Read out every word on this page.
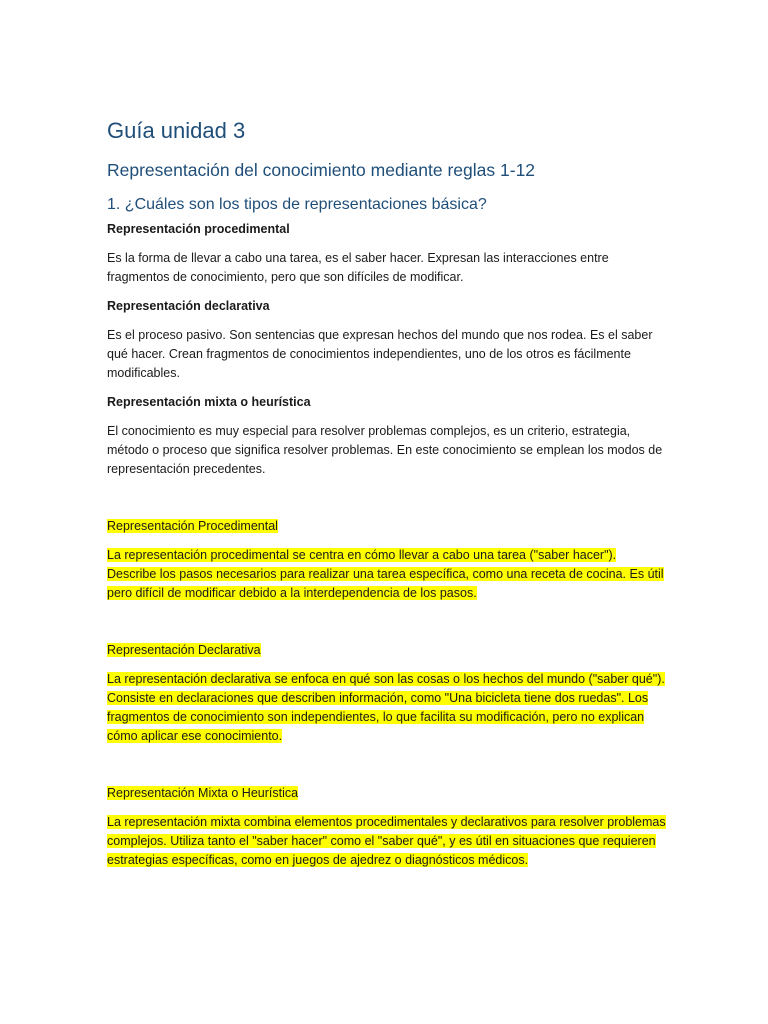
Guía unidad 3
Representación del conocimiento mediante reglas 1-12
1. ¿Cuáles son los tipos de representaciones básica?

Representación procedimental

Es la forma de llevar a cabo una tarea, es el saber hacer. Expresan las interacciones entre fragmentos de conocimiento, pero que son difíciles de modificar.

Representación declarativa

Es el proceso pasivo. Son sentencias que expresan hechos del mundo que nos rodea. Es el saber qué hacer. Crean fragmentos de conocimientos independientes, uno de los otros es fácilmente modificables.

Representación mixta o heurística

El conocimiento es muy especial para resolver problemas complejos, es un criterio, estrategia, método o proceso que significa resolver problemas. En este conocimiento se emplean los modos de representación precedentes.

Representación Procedimental

La representación procedimental se centra en cómo llevar a cabo una tarea ("saber hacer"). Describe los pasos necesarios para realizar una tarea específica, como una receta de cocina. Es útil pero difícil de modificar debido a la interdependencia de los pasos.

Representación Declarativa

La representación declarativa se enfoca en qué son las cosas o los hechos del mundo ("saber qué"). Consiste en declaraciones que describen información, como "Una bicicleta tiene dos ruedas". Los fragmentos de conocimiento son independientes, lo que facilita su modificación, pero no explican cómo aplicar ese conocimiento.

Representación Mixta o Heurística

La representación mixta combina elementos procedimentales y declarativos para resolver problemas complejos. Utiliza tanto el "saber hacer" como el "saber qué", y es útil en situaciones que requieren estrategias específicas, como en juegos de ajedrez o diagnósticos médicos.
